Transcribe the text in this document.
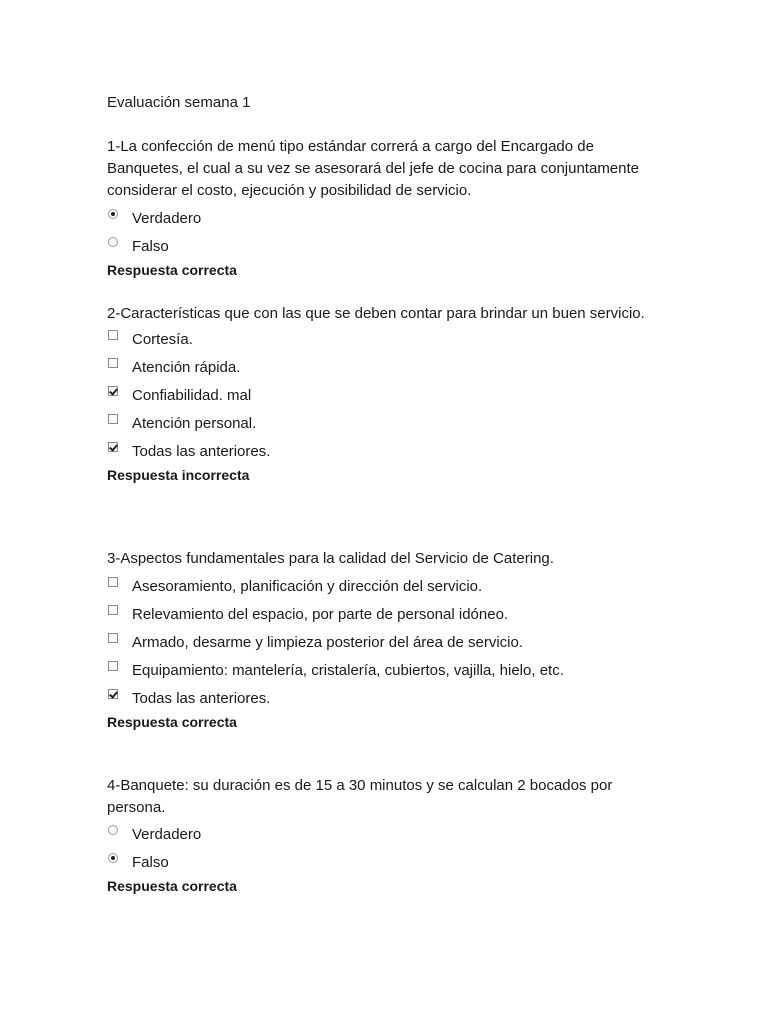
Evaluación semana 1

1-La confección de menú tipo estándar correrá a cargo del Encargado de Banquetes, el cual a su vez se asesorará del jefe de cocina para conjuntamente considerar el costo, ejecución y posibilidad de servicio.

Verdadero
Falso
Respuesta correcta

2-Características que con las que se deben contar para brindar un buen servicio.

Cortesía.
Atención rápida.
Confiabilidad. mal
Atención personal.
Todas las anteriores.
Respuesta incorrecta

3-Aspectos fundamentales para la calidad del Servicio de Catering.

Asesoramiento, planificación y dirección del servicio.
Relevamiento del espacio, por parte de personal idóneo.
Armado, desarme y limpieza posterior del área de servicio.
Equipamiento: mantelería, cristalería, cubiertos, vajilla, hielo, etc.
Todas las anteriores.
Respuesta correcta

4-Banquete: su duración es de 15 a 30 minutos y se calculan 2 bocados por persona.

Verdadero
Falso
Respuesta correcta
